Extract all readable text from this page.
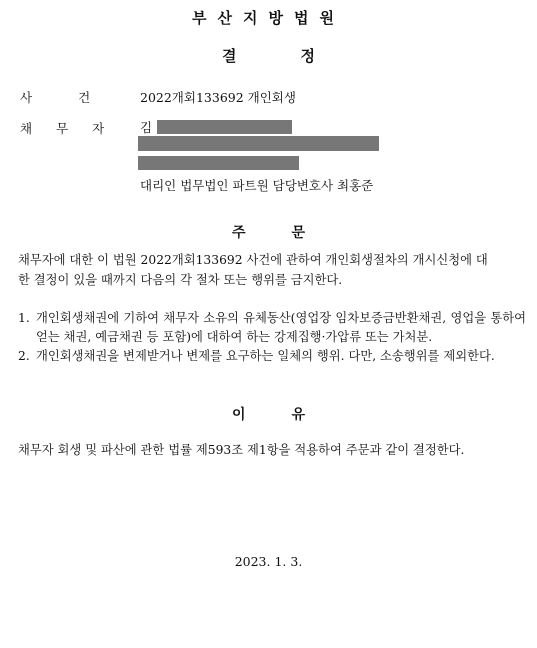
부산지방법원
결정
사건 2022개회133692 개인회생
채무자 김
대리인 법무법인 파트원 담당변호사 최홍준
주문
채무자에 대한 이 법원 2022개회133692 사건에 관하여 개인회생절차의 개시신청에 대
한 결정이 있을 때까지 다음의 각 절차 또는 행위를 금지한다.
1. 개인회생채권에 기하여 채무자 소유의 유체동산(영업장 임차보증금반환채권, 영업을 통하여 얻는 채권, 예금채권 등 포함)에 대하여 하는 강제집행·가압류 또는 가처분.
2. 개인회생채권을 변제받거나 변제를 요구하는 일체의 행위. 다만, 소송행위를 제외한다.
이유
채무자 회생 및 파산에 관한 법률 제593조 제1항을 적용하여 주문과 같이 결정한다.
2023. 1. 3.
